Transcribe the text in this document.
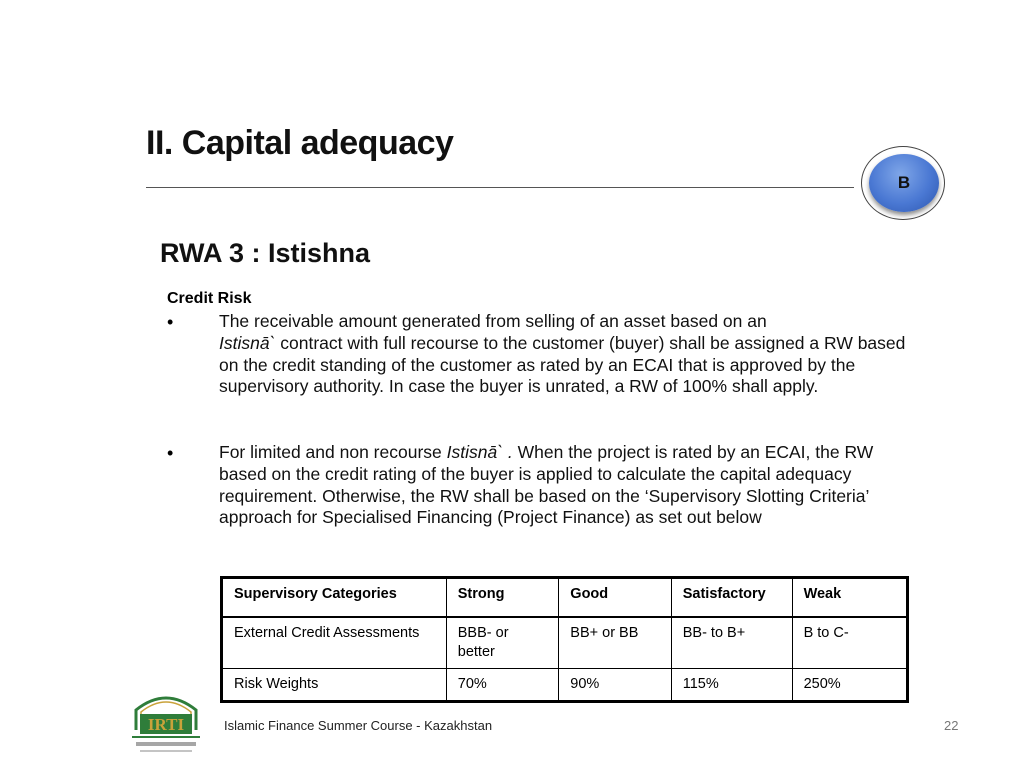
II. Capital adequacy
B
RWA 3 : Istishna
Credit Risk
•	The receivable amount generated from selling of an asset based on an
Istisnā` contract with full recourse to the customer (buyer) shall be assigned a RW based on the credit standing of the customer as rated by an ECAI that is approved by the supervisory authority. In case the buyer is unrated, a RW of 100% shall apply.
•	For limited and non recourse Istisnā` . When the project is rated by an ECAI, the RW based on the credit rating of the buyer is applied to calculate the capital adequacy requirement. Otherwise, the RW shall be based on the ‘Supervisory Slotting Criteria’ approach for Specialised Financing (Project Finance) as set out below
Supervisory Categories	Strong	Good	Satisfactory	Weak
External Credit Assessments	BBB- or better	BB+ or BB	BB- to B+	B to C-
Risk Weights	70%	90%	115%	250%
IRTI	Islamic Finance Summer Course - Kazakhstan	22
